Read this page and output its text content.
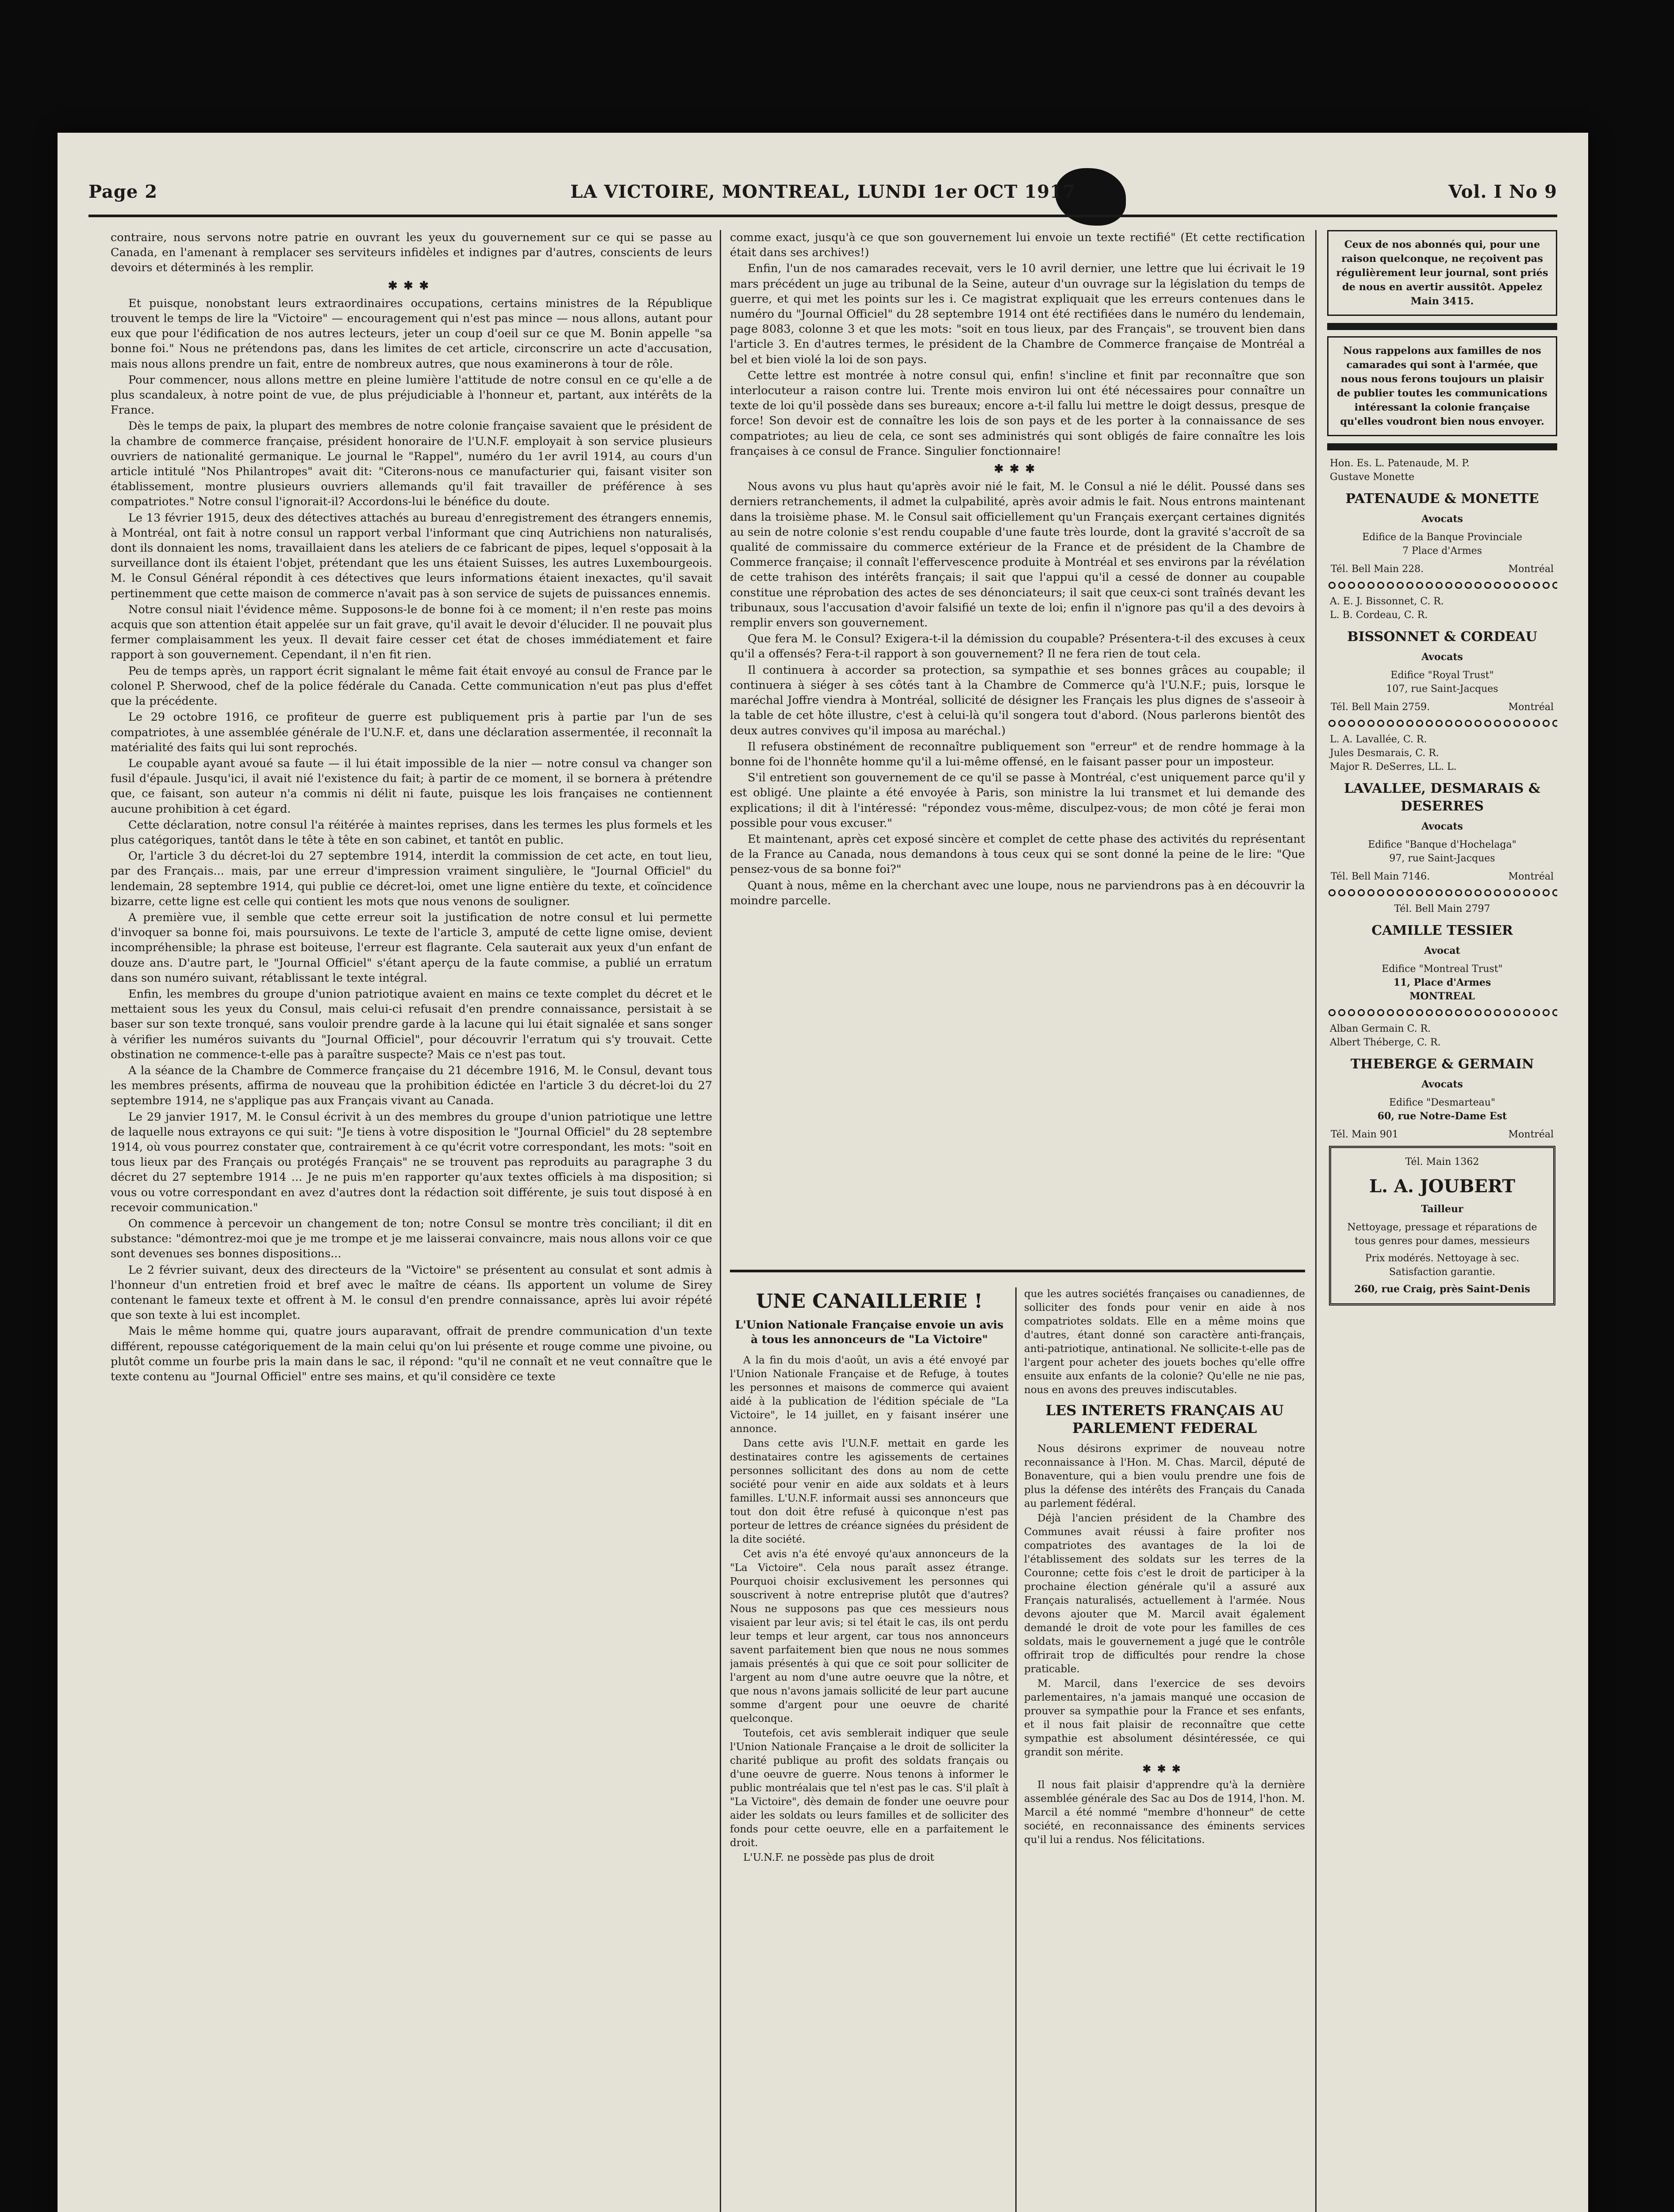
Page 2	LA VICTOIRE, MONTREAL, LUNDI 1er OCT 1917	Vol. I No 9

contraire, nous servons notre patrie en ouvrant les yeux du gouvernement sur ce qui se passe au Canada, en l'amenant à remplacer ses serviteurs infidèles et indignes par d'autres, conscients de leurs devoirs et déterminés à les remplir.

✱✱✱

Et puisque, nonobstant leurs extraordinaires occupations, certains ministres de la République trouvent le temps de lire la "Victoire" — encouragement qui n'est pas mince — nous allons, autant pour eux que pour l'édification de nos autres lecteurs, jeter un coup d'oeil sur ce que M. Bonin appelle "sa bonne foi." Nous ne prétendons pas, dans les limites de cet article, circonscrire un acte d'accusation, mais nous allons prendre un fait, entre de nombreux autres, que nous examinerons à tour de rôle.

Pour commencer, nous allons mettre en pleine lumière l'attitude de notre consul en ce qu'elle a de plus scandaleux, à notre point de vue, de plus préjudiciable à l'honneur et, partant, aux intérêts de la France.

Dès le temps de paix, la plupart des membres de notre colonie française savaient que le président de la chambre de commerce française, président honoraire de l'U.N.F. employait à son service plusieurs ouvriers de nationalité germanique. Le journal le "Rappel", numéro du 1er avril 1914, au cours d'un article intitulé "Nos Philantropes" avait dit: "Citerons-nous ce manufacturier qui, faisant visiter son établissement, montre plusieurs ouvriers allemands qu'il fait travailler de préférence à ses compatriotes." Notre consul l'ignorait-il? Accordons-lui le bénéfice du doute.

Le 13 février 1915, deux des détectives attachés au bureau d'enregistrement des étrangers ennemis, à Montréal, ont fait à notre consul un rapport verbal l'informant que cinq Autrichiens non naturalisés, dont ils donnaient les noms, travaillaient dans les ateliers de ce fabricant de pipes, lequel s'opposait à la surveillance dont ils étaient l'objet, prétendant que les uns étaient Suisses, les autres Luxembourgeois. M. le Consul Général répondit à ces détectives que leurs informations étaient inexactes, qu'il savait pertinemment que cette maison de commerce n'avait pas à son service de sujets de puissances ennemis.

Notre consul niait l'évidence même. Supposons-le de bonne foi à ce moment; il n'en reste pas moins acquis que son attention était appelée sur un fait grave, qu'il avait le devoir d'élucider. Il ne pouvait plus fermer complaisamment les yeux. Il devait faire cesser cet état de choses immédiatement et faire rapport à son gouvernement. Cependant, il n'en fit rien.

Peu de temps après, un rapport écrit signalant le même fait était envoyé au consul de France par le colonel P. Sherwood, chef de la police fédérale du Canada. Cette communication n'eut pas plus d'effet que la précédente.

Le 29 octobre 1916, ce profiteur de guerre est publiquement pris à partie par l'un de ses compatriotes, à une assemblée générale de l'U.N.F. et, dans une déclaration assermentée, il reconnaît la matérialité des faits qui lui sont reprochés.

Le coupable ayant avoué sa faute — il lui était impossible de la nier — notre consul va changer son fusil d'épaule. Jusqu'ici, il avait nié l'existence du fait; à partir de ce moment, il se bornera à prétendre que, ce faisant, son auteur n'a commis ni délit ni faute, puisque les lois françaises ne contiennent aucune prohibition à cet égard.

Cette déclaration, notre consul l'a réitérée à maintes reprises, dans les termes les plus formels et les plus catégoriques, tantôt dans le tête à tête en son cabinet, et tantôt en public.

Or, l'article 3 du décret-loi du 27 septembre 1914, interdit la commission de cet acte, en tout lieu, par des Français... mais, par une erreur d'impression vraiment singulière, le "Journal Officiel" du lendemain, 28 septembre 1914, qui publie ce décret-loi, omet une ligne entière du texte, et coïncidence bizarre, cette ligne est celle qui contient les mots que nous venons de souligner.

A première vue, il semble que cette erreur soit la justification de notre consul et lui permette d'invoquer sa bonne foi, mais poursuivons. Le texte de l'article 3, amputé de cette ligne omise, devient incompréhensible; la phrase est boiteuse, l'erreur est flagrante. Cela sauterait aux yeux d'un enfant de douze ans. D'autre part, le "Journal Officiel" s'étant aperçu de la faute commise, a publié un erratum dans son numéro suivant, rétablissant le texte intégral.

Enfin, les membres du groupe d'union patriotique avaient en mains ce texte complet du décret et le mettaient sous les yeux du Consul, mais celui-ci refusait d'en prendre connaissance, persistait à se baser sur son texte tronqué, sans vouloir prendre garde à la lacune qui lui était signalée et sans songer à vérifier les numéros suivants du "Journal Officiel", pour découvrir l'erratum qui s'y trouvait. Cette obstination ne commence-t-elle pas à paraître suspecte? Mais ce n'est pas tout.

A la séance de la Chambre de Commerce française du 21 décembre 1916, M. le Consul, devant tous les membres présents, affirma de nouveau que la prohibition édictée en l'article 3 du décret-loi du 27 septembre 1914, ne s'applique pas aux Français vivant au Canada.

Le 29 janvier 1917, M. le Consul écrivit à un des membres du groupe d'union patriotique une lettre de laquelle nous extrayons ce qui suit: "Je tiens à votre disposition le "Journal Officiel" du 28 septembre 1914, où vous pourrez constater que, contrairement à ce qu'écrit votre correspondant, les mots: "soit en tous lieux par des Français ou protégés Français" ne se trouvent pas reproduits au paragraphe 3 du décret du 27 septembre 1914 ... Je ne puis m'en rapporter qu'aux textes officiels à ma disposition; si vous ou votre correspondant en avez d'autres dont la rédaction soit différente, je suis tout disposé à en recevoir communication."

On commence à percevoir un changement de ton; notre Consul se montre très conciliant; il dit en substance: "démontrez-moi que je me trompe et je me laisserai convaincre, mais nous allons voir ce que sont devenues ses bonnes dispositions...

Le 2 février suivant, deux des directeurs de la "Victoire" se présentent au consulat et sont admis à l'honneur d'un entretien froid et bref avec le maître de céans. Ils apportent un volume de Sirey contenant le fameux texte et offrent à M. le consul d'en prendre connaissance, après lui avoir répété que son texte à lui est incomplet.

Mais le même homme qui, quatre jours auparavant, offrait de prendre communication d'un texte différent, repousse catégoriquement de la main celui qu'on lui présente et rouge comme une pivoine, ou plutôt comme un fourbe pris la main dans le sac, il répond: "qu'il ne connaît et ne veut connaître que le texte contenu au "Journal Officiel" entre ses mains, et qu'il considère ce texte

comme exact, jusqu'à ce que son gouvernement lui envoie un texte rectifié" (Et cette rectification était dans ses archives!)

Enfin, l'un de nos camarades recevait, vers le 10 avril dernier, une lettre que lui écrivait le 19 mars précédent un juge au tribunal de la Seine, auteur d'un ouvrage sur la législation du temps de guerre, et qui met les points sur les i. Ce magistrat expliquait que les erreurs contenues dans le numéro du "Journal Officiel" du 28 septembre 1914 ont été rectifiées dans le numéro du lendemain, page 8083, colonne 3 et que les mots: "soit en tous lieux, par des Français", se trouvent bien dans l'article 3. En d'autres termes, le président de la Chambre de Commerce française de Montréal a bel et bien violé la loi de son pays.

Cette lettre est montrée à notre consul qui, enfin! s'incline et finit par reconnaître que son interlocuteur a raison contre lui. Trente mois environ lui ont été nécessaires pour connaître un texte de loi qu'il possède dans ses bureaux; encore a-t-il fallu lui mettre le doigt dessus, presque de force! Son devoir est de connaître les lois de son pays et de les porter à la connaissance de ses compatriotes; au lieu de cela, ce sont ses administrés qui sont obligés de faire connaître les lois françaises à ce consul de France. Singulier fonctionnaire!

✱✱✱

Nous avons vu plus haut qu'après avoir nié le fait, M. le Consul a nié le délit. Poussé dans ses derniers retranchements, il admet la culpabilité, après avoir admis le fait. Nous entrons maintenant dans la troisième phase. M. le Consul sait officiellement qu'un Français exerçant certaines dignités au sein de notre colonie s'est rendu coupable d'une faute très lourde, dont la gravité s'accroît de sa qualité de commissaire du commerce extérieur de la France et de président de la Chambre de Commerce française; il connaît l'effervescence produite à Montréal et ses environs par la révélation de cette trahison des intérêts français; il sait que l'appui qu'il a cessé de donner au coupable constitue une réprobation des actes de ses dénonciateurs; il sait que ceux-ci sont traînés devant les tribunaux, sous l'accusation d'avoir falsifié un texte de loi; enfin il n'ignore pas qu'il a des devoirs à remplir envers son gouvernement.

Que fera M. le Consul? Exigera-t-il la démission du coupable? Présentera-t-il des excuses à ceux qu'il a offensés? Fera-t-il rapport à son gouvernement? Il ne fera rien de tout cela.

Il continuera à accorder sa protection, sa sympathie et ses bonnes grâces au coupable; il continuera à siéger à ses côtés tant à la Chambre de Commerce qu'à l'U.N.F.; puis, lorsque le maréchal Joffre viendra à Montréal, sollicité de désigner les Français les plus dignes de s'asseoir à la table de cet hôte illustre, c'est à celui-là qu'il songera tout d'abord. (Nous parlerons bientôt des deux autres convives qu'il imposa au maréchal.)

Il refusera obstinément de reconnaître publiquement son "erreur" et de rendre hommage à la bonne foi de l'honnête homme qu'il a lui-même offensé, en le faisant passer pour un imposteur.

S'il entretient son gouvernement de ce qu'il se passe à Montréal, c'est uniquement parce qu'il y est obligé. Une plainte a été envoyée à Paris, son ministre la lui transmet et lui demande des explications; il dit à l'intéressé: "répondez vous-même, disculpez-vous; de mon côté je ferai mon possible pour vous excuser."

Et maintenant, après cet exposé sincère et complet de cette phase des activités du représentant de la France au Canada, nous demandons à tous ceux qui se sont donné la peine de le lire: "Que pensez-vous de sa bonne foi?"

Quant à nous, même en la cherchant avec une loupe, nous ne parviendrons pas à en découvrir la moindre parcelle.

UNE CANAILLERIE !
L'Union Nationale Française envoie un avis à tous les annonceurs de "La Victoire"

A la fin du mois d'août, un avis a été envoyé par l'Union Nationale Française et de Refuge, à toutes les personnes et maisons de commerce qui avaient aidé à la publication de l'édition spéciale de "La Victoire", le 14 juillet, en y faisant insérer une annonce.

Dans cette avis l'U.N.F. mettait en garde les destinataires contre les agissements de certaines personnes sollicitant des dons au nom de cette société pour venir en aide aux soldats et à leurs familles. L'U.N.F. informait aussi ses annonceurs que tout don doit être refusé à quiconque n'est pas porteur de lettres de créance signées du président de la dite société.

Cet avis n'a été envoyé qu'aux annonceurs de la "La Victoire". Cela nous paraît assez étrange. Pourquoi choisir exclusivement les personnes qui souscrivent à notre entreprise plutôt que d'autres? Nous ne supposons pas que ces messieurs nous visaient par leur avis; si tel était le cas, ils ont perdu leur temps et leur argent, car tous nos annonceurs savent parfaitement bien que nous ne nous sommes jamais présentés à qui que ce soit pour solliciter de l'argent au nom d'une autre oeuvre que la nôtre, et que nous n'avons jamais sollicité de leur part aucune somme d'argent pour une oeuvre de charité quelconque.

Toutefois, cet avis semblerait indiquer que seule l'Union Nationale Française a le droit de solliciter la charité publique au profit des soldats français ou d'une oeuvre de guerre. Nous tenons à informer le public montréalais que tel n'est pas le cas. S'il plaît à "La Victoire", dès demain de fonder une oeuvre pour aider les soldats ou leurs familles et de solliciter des fonds pour cette oeuvre, elle en a parfaitement le droit.

L'U.N.F. ne possède pas plus de droit

que les autres sociétés françaises ou canadiennes, de solliciter des fonds pour venir en aide à nos compatriotes soldats. Elle en a même moins que d'autres, étant donné son caractère anti-français, anti-patriotique, antinational. Ne sollicite-t-elle pas de l'argent pour acheter des jouets boches qu'elle offre ensuite aux enfants de la colonie? Qu'elle ne nie pas, nous en avons des preuves indiscutables.

LES INTERETS FRANÇAIS AU PARLEMENT FEDERAL

Nous désirons exprimer de nouveau notre reconnaissance à l'Hon. M. Chas. Marcil, député de Bonaventure, qui a bien voulu prendre une fois de plus la défense des intérêts des Français du Canada au parlement fédéral.

Déjà l'ancien président de la Chambre des Communes avait réussi à faire profiter nos compatriotes des avantages de la loi de l'établissement des soldats sur les terres de la Couronne; cette fois c'est le droit de participer à la prochaine élection générale qu'il a assuré aux Français naturalisés, actuellement à l'armée. Nous devons ajouter que M. Marcil avait également demandé le droit de vote pour les familles de ces soldats, mais le gouvernement a jugé que le contrôle offrirait trop de difficultés pour rendre la chose praticable.

M. Marcil, dans l'exercice de ses devoirs parlementaires, n'a jamais manqué une occasion de prouver sa sympathie pour la France et ses enfants, et il nous fait plaisir de reconnaître que cette sympathie est absolument désintéressée, ce qui grandit son mérite.

✱✱✱

Il nous fait plaisir d'apprendre qu'à la dernière assemblée générale des Sac au Dos de 1914, l'hon. M. Marcil a été nommé "membre d'honneur" de cette société, en reconnaissance des éminents services qu'il lui a rendus. Nos félicitations.

Ceux de nos abonnés qui, pour une raison quelconque, ne reçoivent pas régulièrement leur journal, sont priés de nous en avertir aussitôt. Appelez Main 3415.
Nous rappelons aux familles de nos camarades qui sont à l'armée, que nous nous ferons toujours un plaisir de publier toutes les communications intéressant la colonie française qu'elles voudront bien nous envoyer.
Hon. Es. L. Patenaude, M. P.
Gustave Monette
PATENAUDE & MONETTE
Avocats
Edifice de la Banque Provinciale
7 Place d'Armes
Tél. Bell Main 228.	Montréal
A. E. J. Bissonnet, C. R.
L. B. Cordeau, C. R.
BISSONNET & CORDEAU
Avocats
Edifice "Royal Trust"
107, rue Saint-Jacques
Tél. Bell Main 2759.	Montréal
L. A. Lavallée, C. R.
Jules Desmarais, C. R.
Major R. DeSerres, LL. L.
LAVALLEE, DESMARAIS & DESERRES
Avocats
Edifice "Banque d'Hochelaga"
97, rue Saint-Jacques
Tél. Bell Main 7146.	Montréal
Tél. Bell Main 2797
CAMILLE TESSIER
Avocat
Edifice "Montreal Trust"
11, Place d'Armes
MONTREAL
Alban Germain C. R.
Albert Théberge, C. R.
THEBERGE & GERMAIN
Avocats
Edifice "Desmarteau"
60, rue Notre-Dame Est
Tél. Main 901	Montréal
Tél. Main 1362
L. A. JOUBERT
Tailleur
Nettoyage, pressage et réparations de tous genres pour dames, messieurs
Prix modérés. Nettoyage à sec. Satisfaction garantie.
260, rue Craig, près Saint-Denis
